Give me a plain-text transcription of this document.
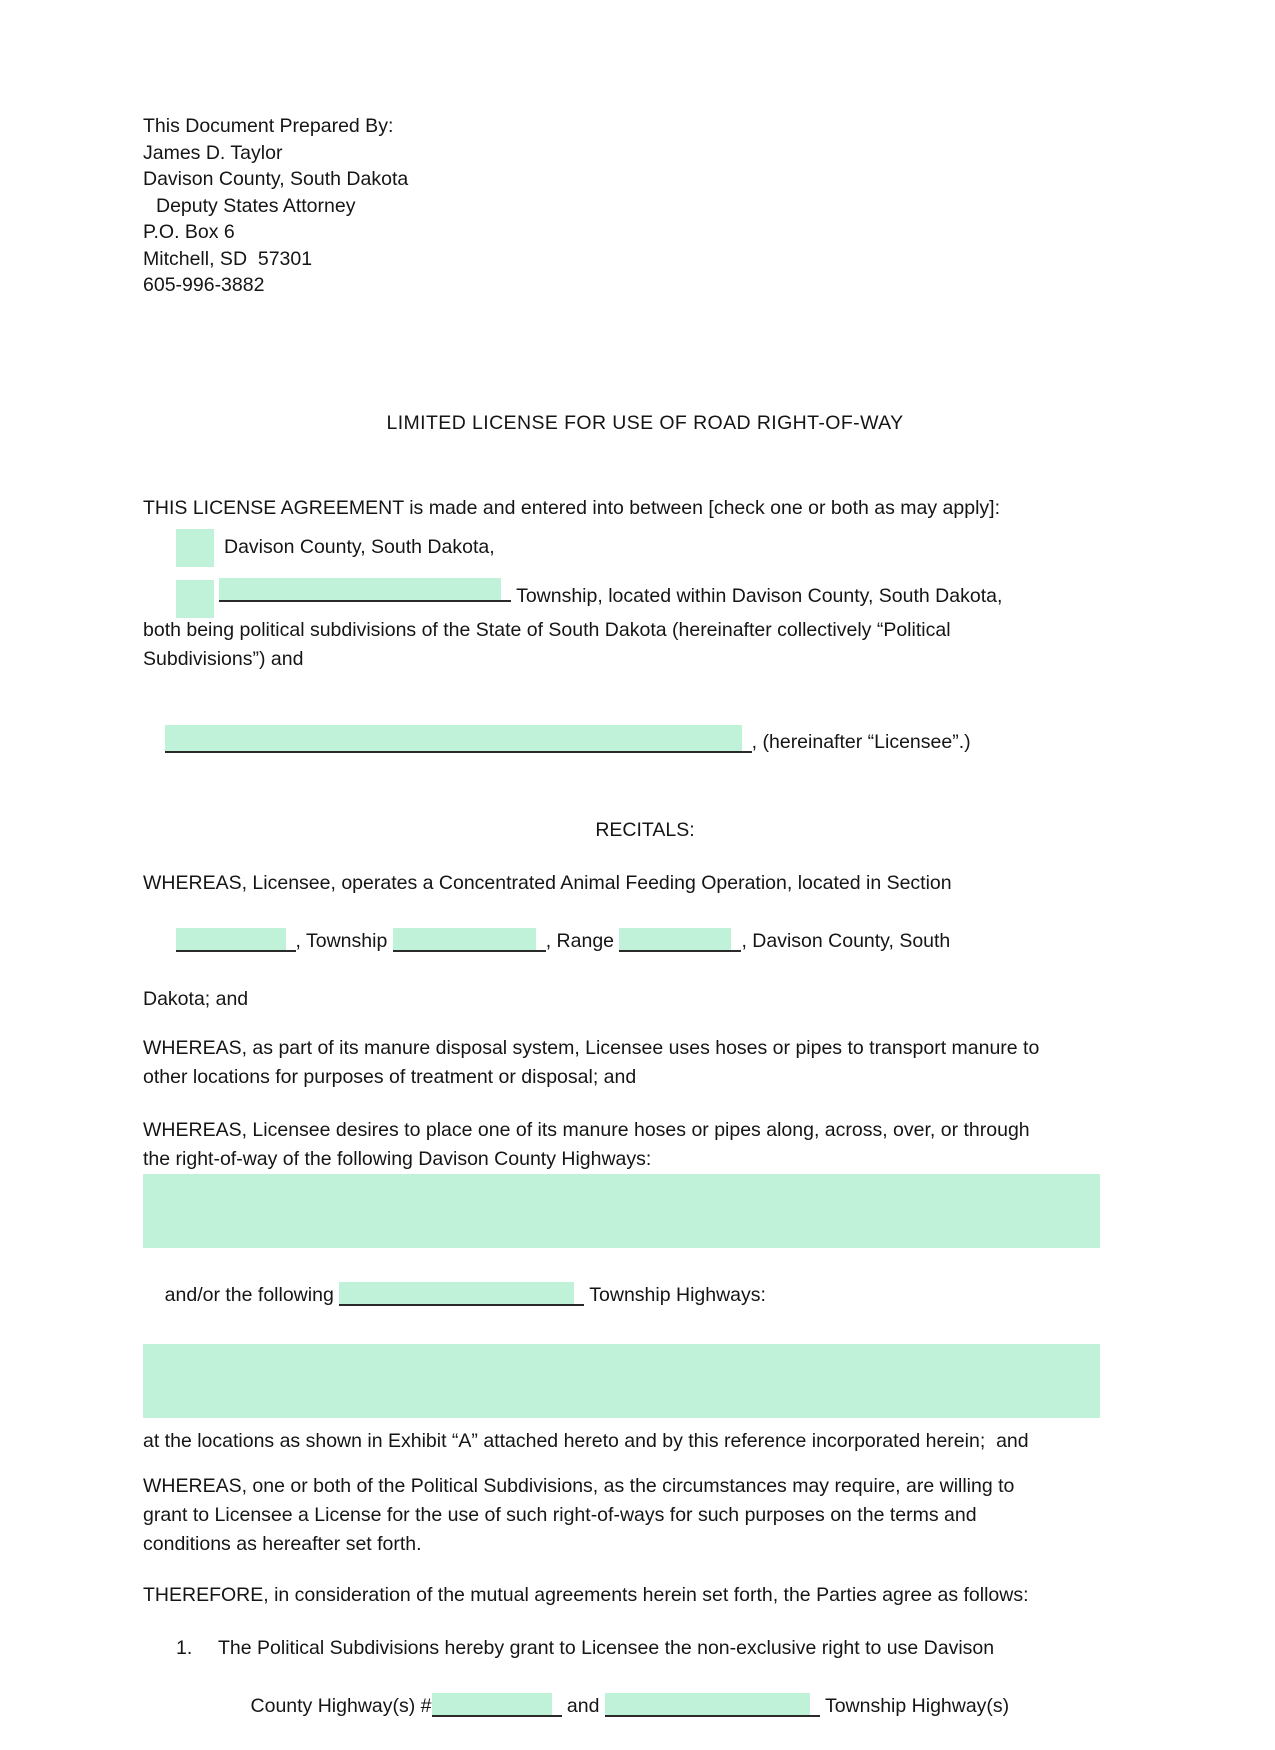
This Document Prepared By:
James D. Taylor
Davison County, South Dakota
Deputy States Attorney
P.O. Box 6
Mitchell, SD  57301
605-996-3882
LIMITED LICENSE FOR USE OF ROAD RIGHT-OF-WAY
THIS LICENSE AGREEMENT is made and entered into between [check one or both as may apply]:
Davison County, South Dakota,
Township, located within Davison County, South Dakota,
both being political subdivisions of the State of South Dakota (hereinafter collectively “Political
Subdivisions”) and

, (hereinafter “Licensee”.)

RECITALS:
WHEREAS, Licensee, operates a Concentrated Animal Feeding Operation, located in Section

, Township	, Range	, Davison County, South

Dakota; and
WHEREAS, as part of its manure disposal system, Licensee uses hoses or pipes to transport manure to
other locations for purposes of treatment or disposal; and
WHEREAS, Licensee desires to place one of its manure hoses or pipes along, across, over, or through
the right-of-way of the following Davison County Highways:

and/or the following	Township Highways:

at the locations as shown in Exhibit “A” attached hereto and by this reference incorporated herein;  and
WHEREAS, one or both of the Political Subdivisions, as the circumstances may require, are willing to
grant to Licensee a License for the use of such right-of-ways for such purposes on the terms and
conditions as hereafter set forth.
THEREFORE, in consideration of the mutual agreements herein set forth, the Parties agree as follows:
1. The Political Subdivisions hereby grant to Licensee the non-exclusive right to use Davison

County Highway(s) #	and	Township Highway(s)
